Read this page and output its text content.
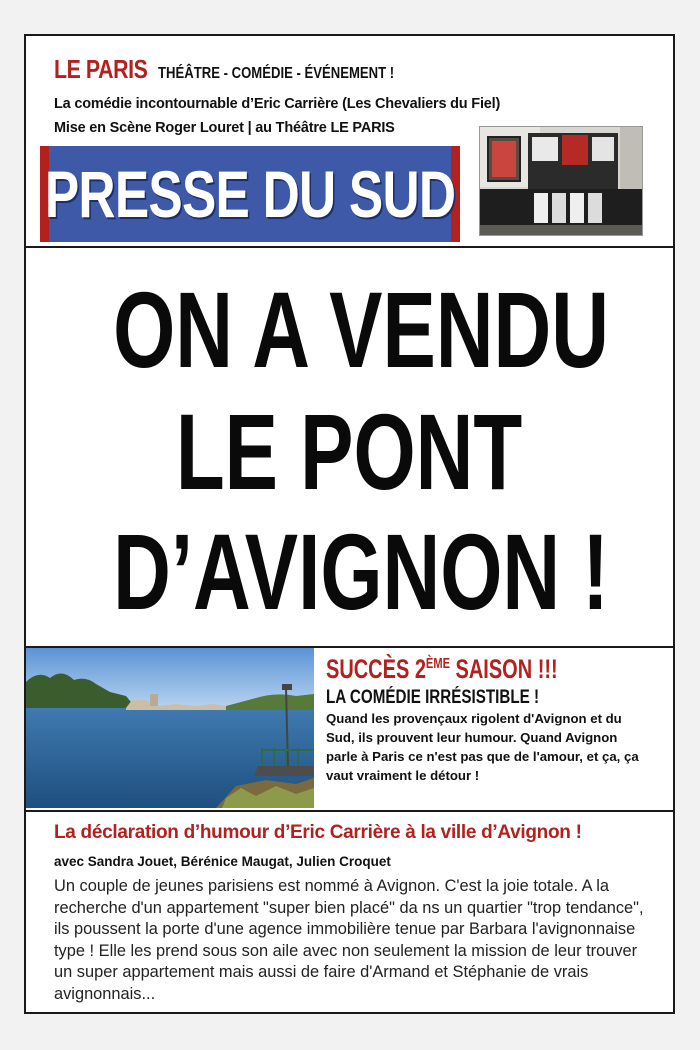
LE PARIS THÉÂTRE - COMÉDIE - ÉVÉNEMENT !
La comédie incontournable d’Eric Carrière (Les Chevaliers du Fiel)
Mise en Scène Roger Louret | au Théâtre LE PARIS
PRESSE DU SUD
ON A VENDU
LE PONT
D’AVIGNON !
SUCCÈS 2ÈME SAISON !!!
LA COMÉDIE IRRÉSISTIBLE !
Quand les provençaux rigolent d'Avignon et du Sud, ils prouvent leur humour. Quand Avignon parle à Paris ce n'est pas que de l'amour, et ça, ça vaut vraiment le détour !
La déclaration d’humour d’Eric Carrière à la ville d’Avignon !
avec Sandra Jouet, Bérénice Maugat, Julien Croquet
Un couple de jeunes parisiens est nommé à Avignon. C'est la joie totale. A la recherche d'un appartement "super bien placé" da ns un quartier "trop tendance", ils poussent la porte d'une agence immobilière tenue par Barbara l'avignonnaise type ! Elle les prend sous son aile avec non seulement la mission de leur trouver un super appartement mais aussi de faire d'Armand et Stéphanie de vrais avignonnais...
